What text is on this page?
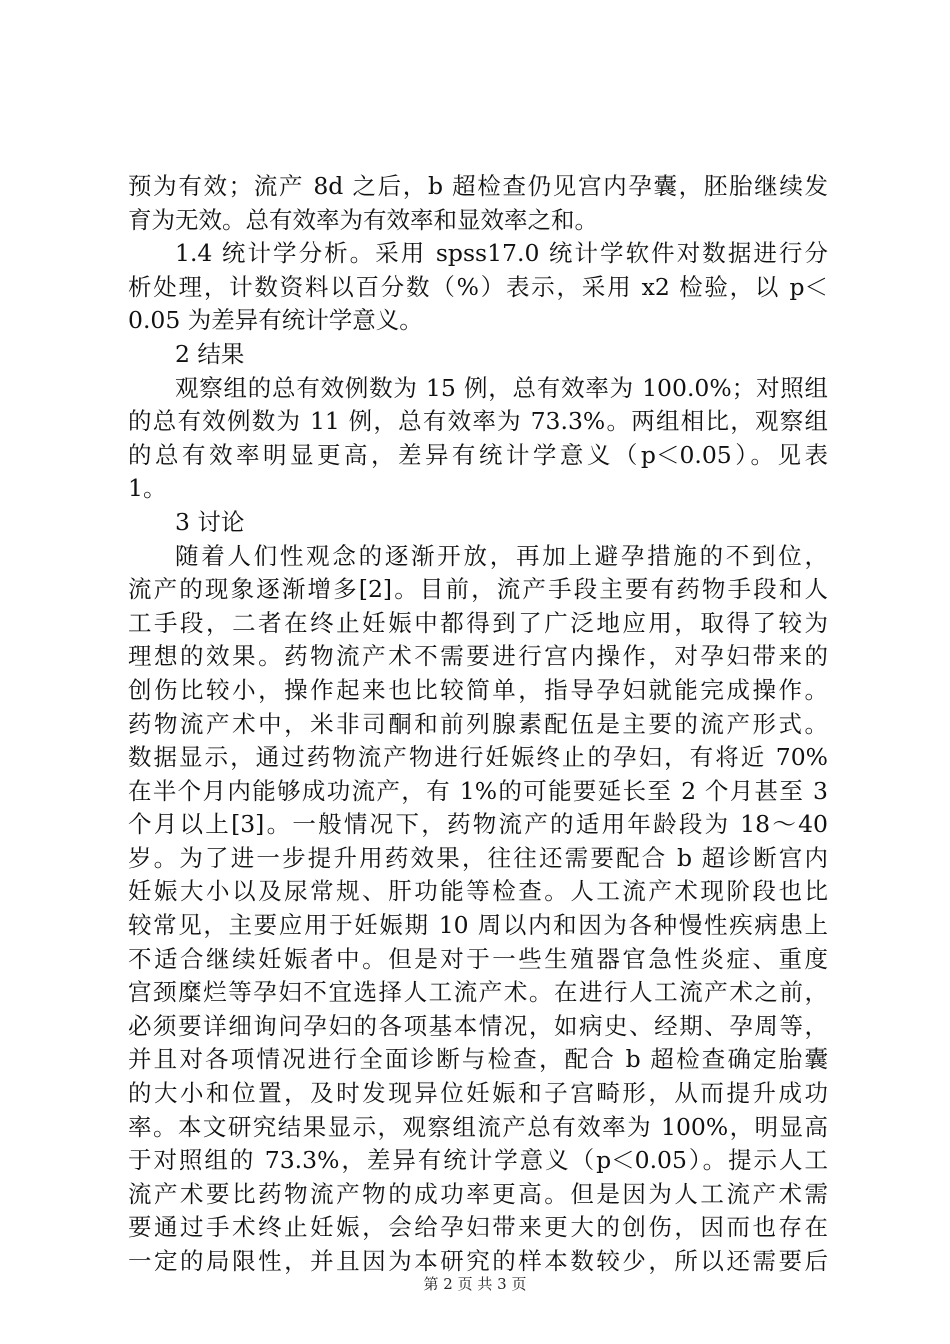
预为有效；流产 8d 之后，b 超检查仍见宫内孕囊，胚胎继续发
育为无效。总有效率为有效率和显效率之和。
1.4 统计学分析。采用 spss17.0 统计学软件对数据进行分
析处理，计数资料以百分数（%）表示，采用 x2 检验，以 p＜
0.05 为差异有统计学意义。
2 结果
观察组的总有效例数为 15 例，总有效率为 100.0%；对照组
的总有效例数为 11 例，总有效率为 73.3%。两组相比，观察组
的总有效率明显更高，差异有统计学意义（p＜0.05）。见表
1。
3 讨论
随着人们性观念的逐渐开放，再加上避孕措施的不到位，
流产的现象逐渐增多[2]。目前，流产手段主要有药物手段和人
工手段，二者在终止妊娠中都得到了广泛地应用，取得了较为
理想的效果。药物流产术不需要进行宫内操作，对孕妇带来的
创伤比较小，操作起来也比较简单，指导孕妇就能完成操作。
药物流产术中，米非司酮和前列腺素配伍是主要的流产形式。
数据显示，通过药物流产物进行妊娠终止的孕妇，有将近 70%
在半个月内能够成功流产，有 1%的可能要延长至 2 个月甚至 3
个月以上[3]。一般情况下，药物流产的适用年龄段为 18～40
岁。为了进一步提升用药效果，往往还需要配合 b 超诊断宫内
妊娠大小以及尿常规、肝功能等检查。人工流产术现阶段也比
较常见，主要应用于妊娠期 10 周以内和因为各种慢性疾病患上
不适合继续妊娠者中。但是对于一些生殖器官急性炎症、重度
宫颈糜烂等孕妇不宜选择人工流产术。在进行人工流产术之前，
必须要详细询问孕妇的各项基本情况，如病史、经期、孕周等，
并且对各项情况进行全面诊断与检查，配合 b 超检查确定胎囊
的大小和位置，及时发现异位妊娠和子宫畸形，从而提升成功
率。本文研究结果显示，观察组流产总有效率为 100%，明显高
于对照组的 73.3%，差异有统计学意义（p＜0.05）。提示人工
流产术要比药物流产物的成功率更高。但是因为人工流产术需
要通过手术终止妊娠，会给孕妇带来更大的创伤，因而也存在
一定的局限性，并且因为本研究的样本数较少，所以还需要后
第 2 页 共 3 页
